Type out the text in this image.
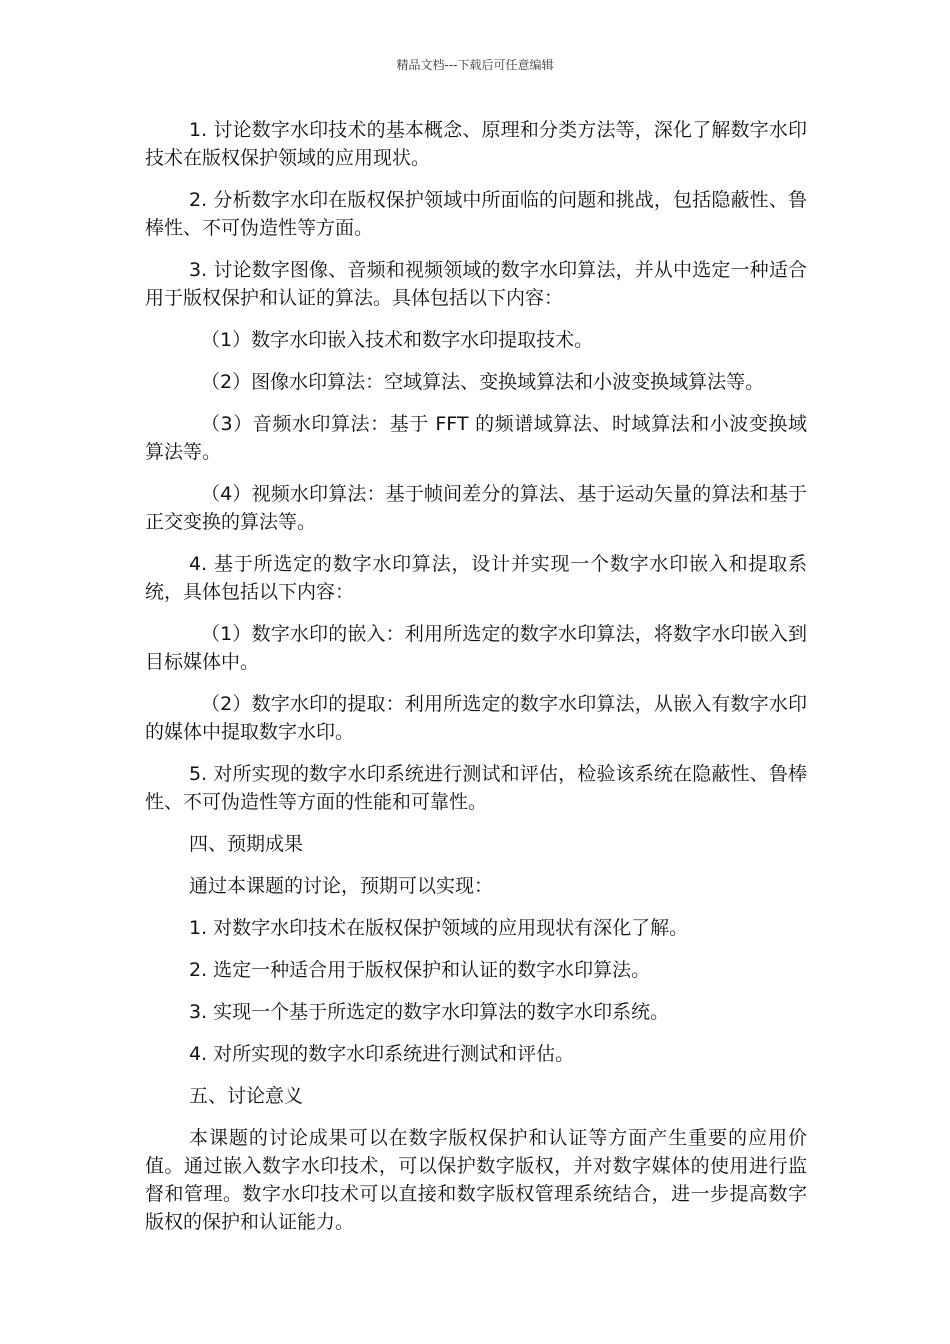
精品文档---下载后可任意编辑

1. 讨论数字水印技术的基本概念、原理和分类方法等，深化了解数字水印技术在版权保护领域的应用现状。

2. 分析数字水印在版权保护领域中所面临的问题和挑战，包括隐蔽性、鲁棒性、不可伪造性等方面。

3. 讨论数字图像、音频和视频领域的数字水印算法，并从中选定一种适合用于版权保护和认证的算法。具体包括以下内容：

（1）数字水印嵌入技术和数字水印提取技术。

（2）图像水印算法：空域算法、变换域算法和小波变换域算法等。

（3）音频水印算法：基于 FFT 的频谱域算法、时域算法和小波变换域算法等。

（4）视频水印算法：基于帧间差分的算法、基于运动矢量的算法和基于正交变换的算法等。

4. 基于所选定的数字水印算法，设计并实现一个数字水印嵌入和提取系统，具体包括以下内容：

（1）数字水印的嵌入：利用所选定的数字水印算法，将数字水印嵌入到目标媒体中。

（2）数字水印的提取：利用所选定的数字水印算法，从嵌入有数字水印的媒体中提取数字水印。

5. 对所实现的数字水印系统进行测试和评估，检验该系统在隐蔽性、鲁棒性、不可伪造性等方面的性能和可靠性。

四、预期成果

通过本课题的讨论，预期可以实现：

1. 对数字水印技术在版权保护领域的应用现状有深化了解。

2. 选定一种适合用于版权保护和认证的数字水印算法。

3. 实现一个基于所选定的数字水印算法的数字水印系统。

4. 对所实现的数字水印系统进行测试和评估。

五、讨论意义

本课题的讨论成果可以在数字版权保护和认证等方面产生重要的应用价值。通过嵌入数字水印技术，可以保护数字版权，并对数字媒体的使用进行监督和管理。数字水印技术可以直接和数字版权管理系统结合，进一步提高数字版权的保护和认证能力。
